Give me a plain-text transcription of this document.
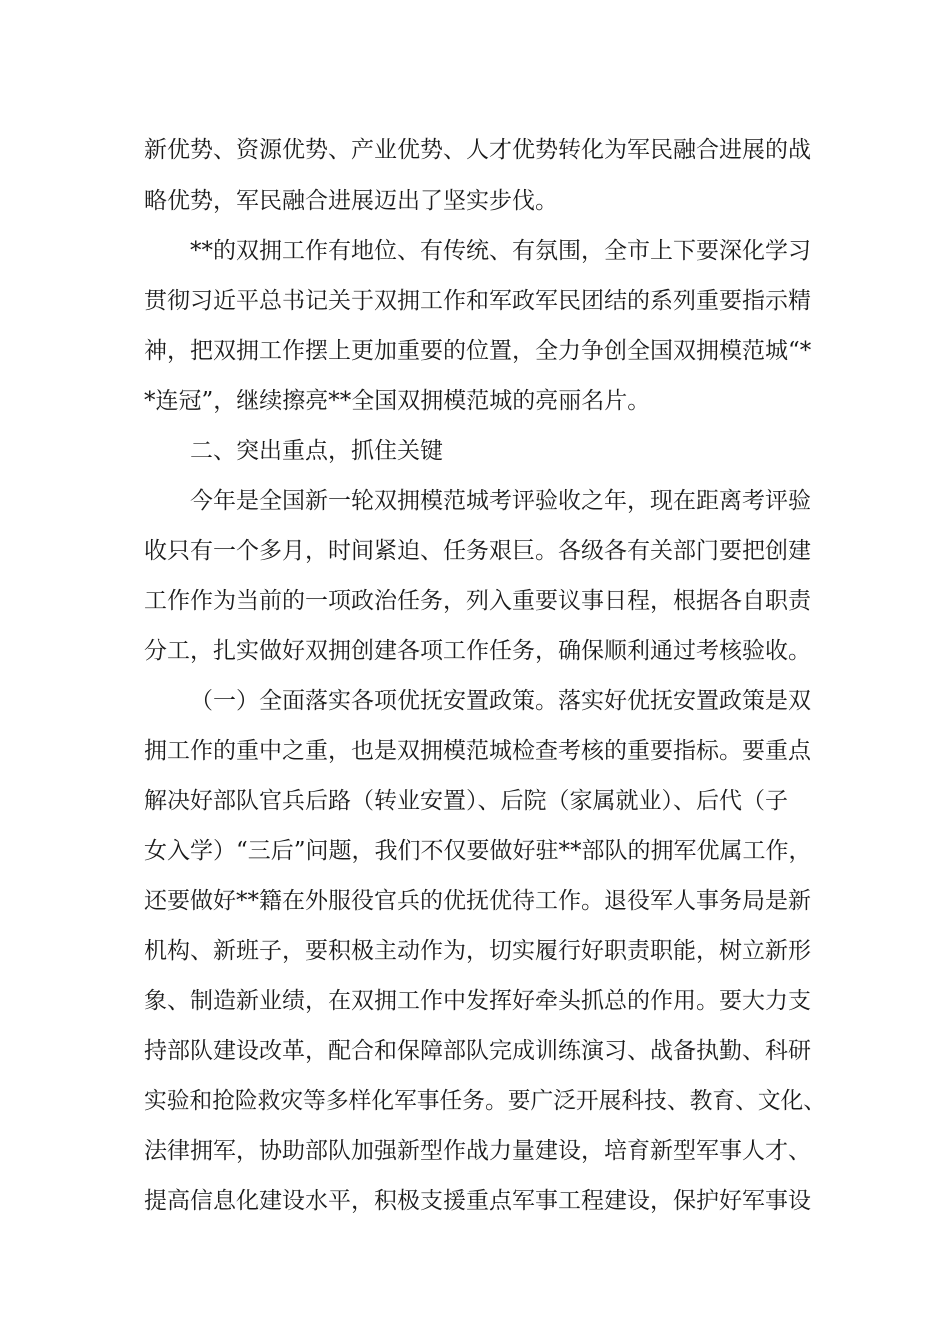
新优势、资源优势、产业优势、人才优势转化为军民融合进展的战
略优势，军民融合进展迈出了坚实步伐。
**的双拥工作有地位、有传统、有氛围，全市上下要深化学习
贯彻习近平总书记关于双拥工作和军政军民团结的系列重要指示精
神，把双拥工作摆上更加重要的位置，全力争创全国双拥模范城“*
*连冠”，继续擦亮**全国双拥模范城的亮丽名片。
二、突出重点，抓住关键
今年是全国新一轮双拥模范城考评验收之年，现在距离考评验
收只有一个多月，时间紧迫、任务艰巨。各级各有关部门要把创建
工作作为当前的一项政治任务，列入重要议事日程，根据各自职责
分工，扎实做好双拥创建各项工作任务，确保顺利通过考核验收。
（一）全面落实各项优抚安置政策。落实好优抚安置政策是双
拥工作的重中之重，也是双拥模范城检查考核的重要指标。要重点
解决好部队官兵后路（转业安置）、后院（家属就业）、后代（子
女入学）“三后”问题，我们不仅要做好驻**部队的拥军优属工作，
还要做好**籍在外服役官兵的优抚优待工作。退役军人事务局是新
机构、新班子，要积极主动作为，切实履行好职责职能，树立新形
象、制造新业绩，在双拥工作中发挥好牵头抓总的作用。要大力支
持部队建设改革，配合和保障部队完成训练演习、战备执勤、科研
实验和抢险救灾等多样化军事任务。要广泛开展科技、教育、文化、
法律拥军，协助部队加强新型作战力量建设，培育新型军事人才、
提高信息化建设水平，积极支援重点军事工程建设，保护好军事设
